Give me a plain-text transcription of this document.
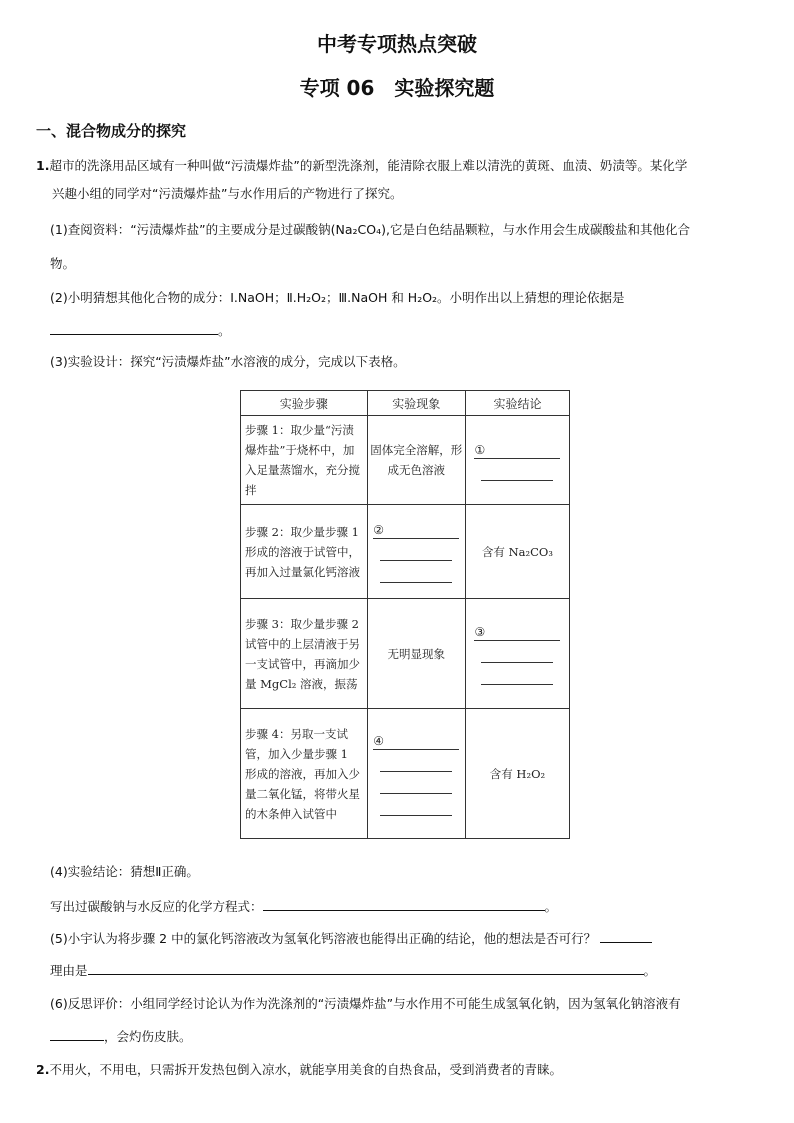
中考专项热点突破
专项 06　实验探究题
一、混合物成分的探究
1.超市的洗涤用品区域有一种叫做“污渍爆炸盐”的新型洗涤剂，能清除衣服上难以清洗的黄斑、血渍、奶渍等。某化学
兴趣小组的同学对“污渍爆炸盐”与水作用后的产物进行了探究。
(1)查阅资料：“污渍爆炸盐”的主要成分是过碳酸钠(Na₂CO₄),它是白色结晶颗粒，与水作用会生成碳酸盐和其他化合
物。
(2)小明猜想其他化合物的成分：Ⅰ.NaOH；Ⅱ.H₂O₂；Ⅲ.NaOH 和 H₂O₂。小明作出以上猜想的理论依据是
。
(3)实验设计：探究“污渍爆炸盐”水溶液的成分，完成以下表格。
实验步骤	实验现象	实验结论
步骤 1：取少量“污渍爆炸盐”于烧杯中，加入足量蒸馏水，充分搅拌	固体完全溶解，形成无色溶液	①

步骤 2：取少量步骤 1 形成的溶液于试管中，再加入过量氯化钙溶液	②	含有 Na₂CO₃
步骤 3：取少量步骤 2 试管中的上层清液于另一支试管中，再滴加少量 MgCl₂ 溶液，振荡	无明显现象	③

步骤 4：另取一支试管，加入少量步骤 1 形成的溶液，再加入少量二氧化锰，将带火星的木条伸入试管中	④	含有 H₂O₂
(4)实验结论：猜想Ⅱ正确。
写出过碳酸钠与水反应的化学方程式：	。
(5)小宇认为将步骤 2 中的氯化钙溶液改为氢氧化钙溶液也能得出正确的结论，他的想法是否可行？
理由是	。
(6)反思评价：小组同学经讨论认为作为洗涤剂的“污渍爆炸盐”与水作用不可能生成氢氧化钠，因为氢氧化钠溶液有
，会灼伤皮肤。
2.不用火，不用电，只需拆开发热包倒入凉水，就能享用美食的自热食品，受到消费者的青睐。
